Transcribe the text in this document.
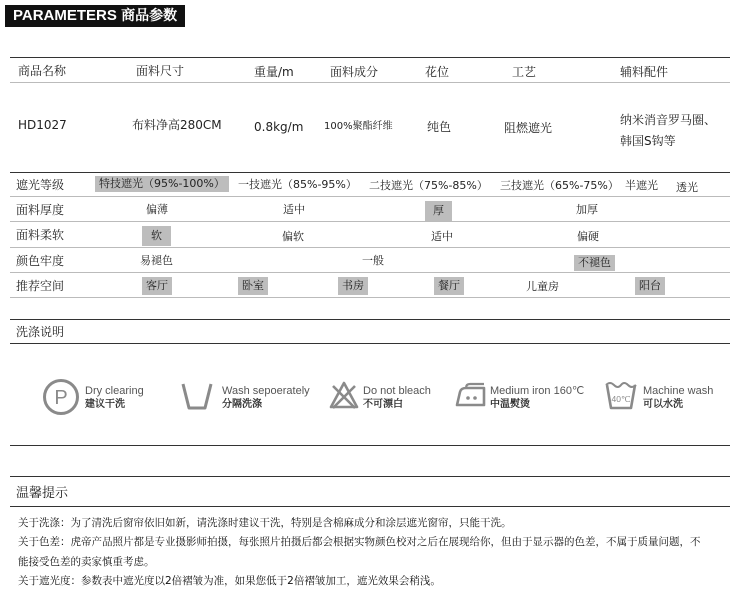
PARAMETERS 商品参数
商品名称	面料尺寸	重量/m	面料成分	花位	工艺	辅料配件
HD1027	布料净高280CM	0.8kg/m 100%聚酯纤维	纯色	阻燃遮光
纳米消音罗马圈、
韩国S钩等
遮光等级	特技遮光（95%-100%）	一技遮光（85%-95%） 二技遮光（75%-85%） 三技遮光（65%-75%） 半遮光 透光
面料厚度	偏薄	适中	厚	加厚
面料柔软	软	偏软	适中	偏硬
颜色牢度	易褪色	一般	不褪色
推荐空间	客厅	卧室	书房	餐厅	儿童房	阳台
洗涤说明
P Dry clearing
建议干洗
Wash sepoerately
分隔洗涤
Do not bleach
不可漂白
Medium iron 160℃
中温熨烫	40℃
Machine wash
可以水洗
温馨提示
关于洗涤：为了清洗后窗帘依旧如新，请洗涤时建议干洗，特别是含棉麻成分和涂层遮光窗帘，只能干洗。
关于色差：虎帝产品照片都是专业摄影师拍摄，每张照片拍摄后都会根据实物颜色校对之后在展现给你，但由于显示器的色差，不属于质量问题，不
能接受色差的卖家慎重考虑。
关于遮光度：参数表中遮光度以2倍褶皱为准，如果您低于2倍褶皱加工，遮光效果会稍浅。
